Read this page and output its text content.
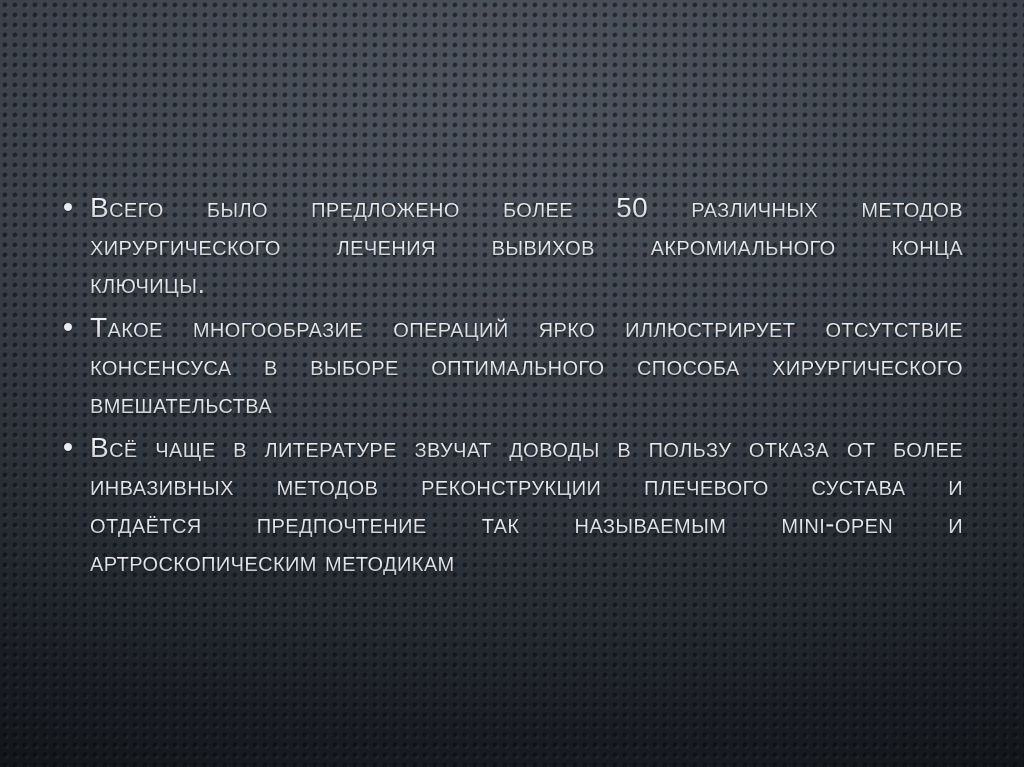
Всего было предложено более 50 различных методов
хирургического лечения вывихов акромиального конца
ключицы.
Такое многообразие операций ярко иллюстрирует отсутствие
консенсуса в выборе оптимального способа хирургического
вмешательства
Всё чаще в литературе звучат доводы в пользу отказа от более
инвазивных методов реконструкции плечевого сустава и
отдаётся предпочтение так называемым mini-open и
артроскопическим методикам
